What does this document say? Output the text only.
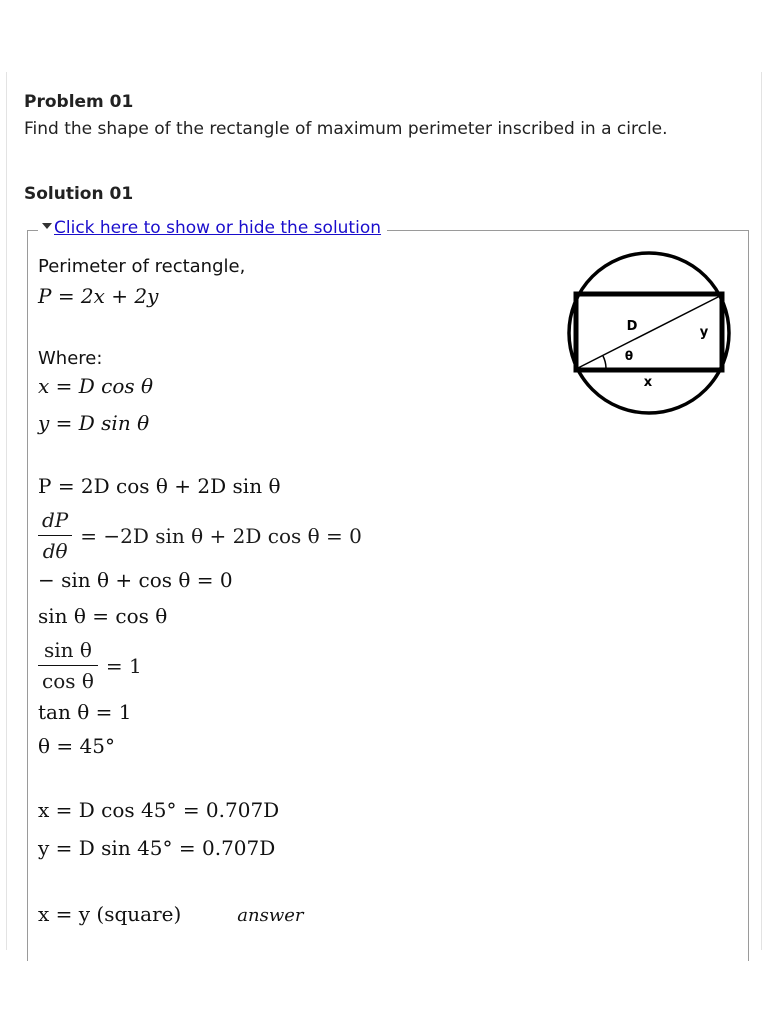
Problem 01
Find the shape of the rectangle of maximum perimeter inscribed in a circle.
Solution 01
Click here to show or hide the solution
Perimeter of rectangle,
P = 2x + 2y
Where:
x = D cos θ
y = D sin θ
P = 2D cos θ + 2D sin θ
$\frac{dP}{d\theta} = -2D$ sin θ + 2D cos θ = 0
− sin θ + cos θ = 0
sin θ = cos θ
$\frac{\text{sin θ}}{\text{cos θ}} = 1$
tan θ = 1
θ = 45°
x = D cos 45° = 0.707D
y = D sin 45° = 0.707D
x = y (square)	answer
D	y
θ
x
